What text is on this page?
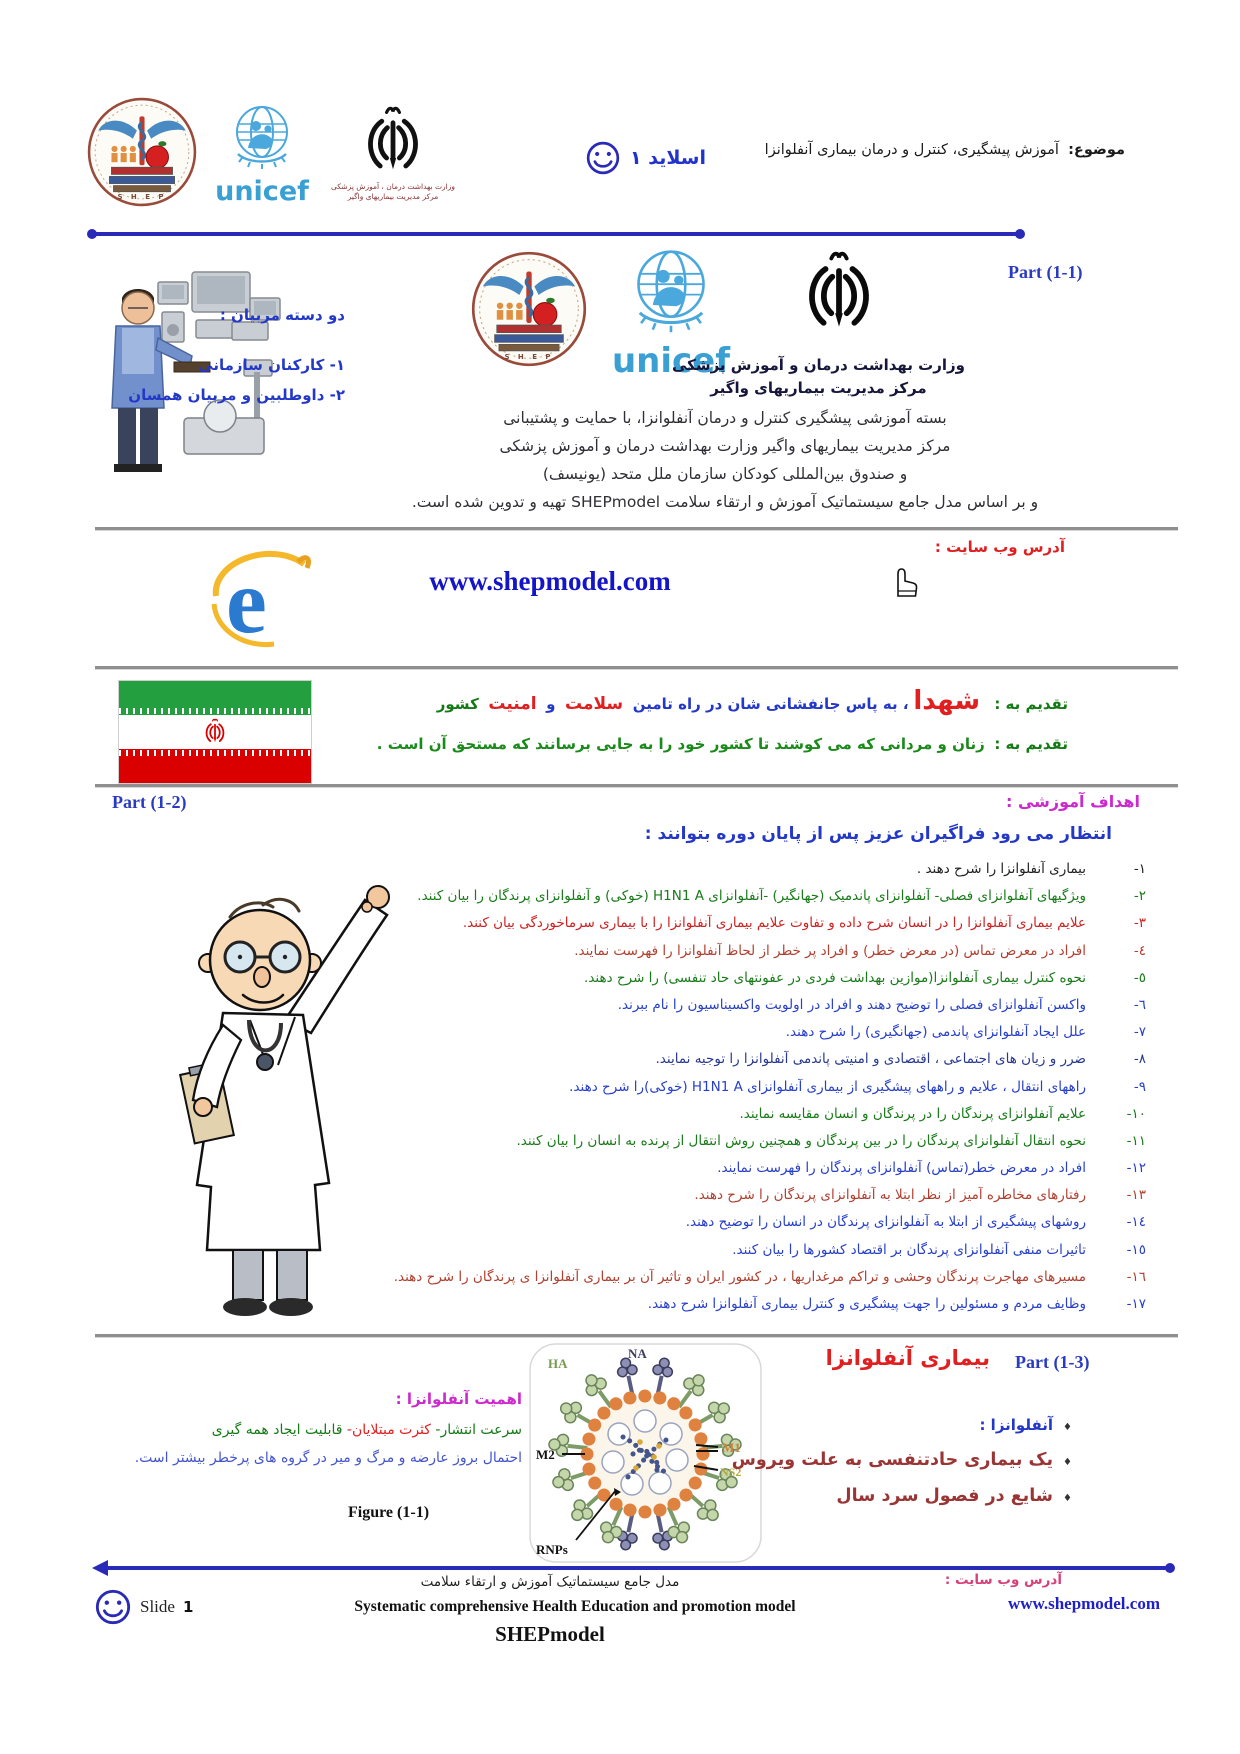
S H E P	unicef	وزارت بهداشت درمان ، آموزش پزشکی
مرکز مدیریت بیماریهای واگیر
اسلاید ۱	موضوع:  آموزش پیشگیری، کنترل و درمان بیماری آنفلوانزا
Part (1-1)
دو دسته مربیان :
۱- کارکنان سازمانی
۲- داوطلبین و مربیان همسان
S H E P	unicef
وزارت بهداشت درمان و آموزش پزشکی
مرکز مدیریت بیماریهای واگیر
بسته آموزشی پیشگیری کنترل و درمان آنفلوانزا، با حمایت و پشتیبانی
مرکز مدیریت بیماریهای واگیر وزارت بهداشت درمان و آموزش پزشکی
و صندوق بین‌المللی کودکان سازمان ملل متحد (یونیسف)
و بر اساس مدل جامع سیستماتیک آموزش و ارتقاء سلامت SHEPmodel تهیه و تدوین شده است.
آدرس وب سایت :
e	www.shepmodel.com
تقدیم به :   شهدا ، به پاس جانفشانی شان در راه تامین  سلامت  و  امنیت  کشور
تقدیم به :  زنان و مردانی که می کوشند تا کشور خود را به جایی برسانند که مستحق آن است .
اهداف آموزشی :
Part (1-2)
انتظار می رود فراگیران عزیز پس از پایان دوره بتوانند :
۱-
بیماری آنفلوانزا را شرح دهند .
۲-
ویژگیهای آنفلوانزای فصلی- آنفلوانزای پاندمیک (جهانگیر) -آنفلوانزای H1N1 A (خوکی) و آنفلوانزای پرندگان را بیان کنند.
۳-
علایم بیماری آنفلوانزا را در انسان شرح داده و تفاوت علایم بیماری آنفلوانزا را با بیماری سرماخوردگی بیان کنند.
٤-
افراد در معرض تماس (در معرض خطر) و افراد پر خطر از لحاظ آنفلوانزا را فهرست نمایند.
٥-
نحوه کنترل بیماری آنفلوانزا(موازین بهداشت فردی در عفونتهای حاد تنفسی) را شرح دهند.
٦-
واکسن آنفلوانزای فصلی را توضیح دهند و افراد در اولویت واکسیناسیون را نام ببرند.
۷-
علل ایجاد آنفلوانزای پاندمی (جهانگیری) را شرح دهند.
۸-
ضرر و زیان های اجتماعی ، اقتصادی و امنیتی پاندمی آنفلوانزا را توجیه نمایند.
۹-
راههای انتقال ، علایم و راههای پیشگیری از بیماری آنفلوانزای H1N1 A (خوکی)را شرح دهند.
۱۰-
علایم آنفلوانزای پرندگان را در پرندگان و انسان مقایسه نمایند.
۱۱-
نحوه انتقال آنفلوانزای پرندگان را در بین پرندگان و همچنین روش انتقال از پرنده به انسان را بیان کنند.
۱۲-
افراد در معرض خطر(تماس) آنفلوانزای پرندگان را فهرست نمایند.
۱۳-
رفتارهای مخاطره آمیز از نظر ابتلا به آنفلوانزای پرندگان را شرح دهند.
۱٤-
روشهای پیشگیری از ابتلا به آنفلوانزای پرندگان در انسان را توضیح دهند.
۱٥-
تاثیرات منفی آنفلوانزای پرندگان بر اقتصاد کشورها را بیان کنند.
۱٦-
مسیرهای مهاجرت پرندگان وحشی و تراکم مرغداریها ، در کشور ایران و تاثیر آن بر بیماری آنفلوانزا ی پرندگان را شرح دهند.
۱۷-
وظایف مردم و مسئولین را جهت پیشگیری و کنترل بیماری آنفلوانزا شرح دهند.
Part (1-3)
بیماری آنفلوانزا
HA
NA
M2	M1
NS2
RNPs
اهمیت آنفلوانزا :
سرعت انتشار- کثرت مبتلایان- قابلیت ایجاد همه گیری
احتمال بروز عارضه و مرگ و میر در گروه های پرخطر بیشتر است.
Figure (1-1)
♦
آنفلوانزا :
♦
یک بیماری حادتنفسی به علت ویروس
♦
شایع در فصول سرد سال
مدل جامع سیستماتیک آموزش و ارتقاء سلامت	آدرس وب سایت :
Slide 1	Systematic comprehensive Health Education and promotion model	www.shepmodel.com
SHEPmodel
